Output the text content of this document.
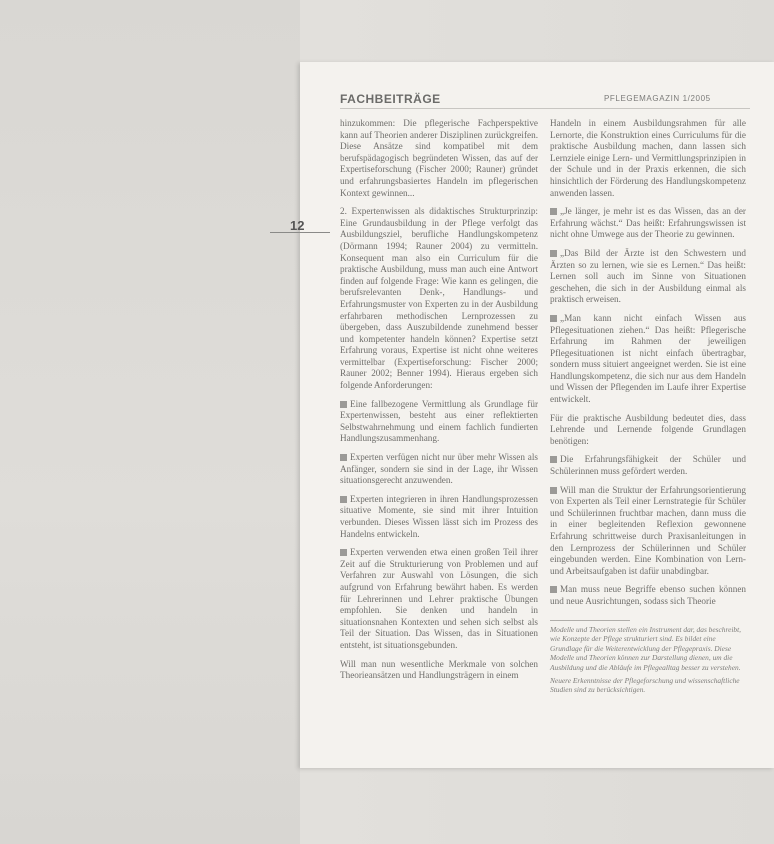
12
FACHBEITRÄGE	PFLEGEMAGAZIN 1/2005

hinzukommen: Die pflegerische Fachperspektive kann auf Theorien anderer Disziplinen zurückgreifen. Diese Ansätze sind kompatibel mit dem berufspädagogisch begründeten Wissen, das auf der Expertiseforschung (Fischer 2000; Rauner) gründet und erfahrungsbasiertes Handeln im pflegerischen Kontext gewinnen...

2. Expertenwissen als didaktisches Strukturprinzip: Eine Grundausbildung in der Pflege verfolgt das Ausbildungsziel, berufliche Handlungskompetenz (Dörmann 1994; Rauner 2004) zu vermitteln. Konsequent man also ein Curriculum für die praktische Ausbildung, muss man auch eine Antwort finden auf folgende Frage: Wie kann es gelingen, die berufsrelevanten Denk-, Handlungs- und Erfahrungsmuster von Experten zu in der Ausbildung erfahrbaren methodischen Lernprozessen zu übergeben, dass Auszubildende zunehmend besser und kompetenter handeln können? Expertise setzt Erfahrung voraus, Expertise ist nicht ohne weiteres vermittelbar (Expertiseforschung: Fischer 2000; Rauner 2002; Benner 1994). Hieraus ergeben sich folgende Anforderungen:

Eine fallbezogene Vermittlung als Grundlage für Expertenwissen, besteht aus einer reflektierten Selbstwahrnehmung und einem fachlich fundierten Handlungszusammenhang.

Experten verfügen nicht nur über mehr Wissen als Anfänger, sondern sie sind in der Lage, ihr Wissen situationsgerecht anzuwenden.

Experten integrieren in ihren Handlungsprozessen situative Momente, sie sind mit ihrer Intuition verbunden. Dieses Wissen lässt sich im Prozess des Handelns entwickeln.

Experten verwenden etwa einen großen Teil ihrer Zeit auf die Strukturierung von Problemen und auf Verfahren zur Auswahl von Lösungen, die sich aufgrund von Erfahrung bewährt haben. Es werden für Lehrerinnen und Lehrer praktische Übungen empfohlen. Sie denken und handeln in situationsnahen Kontexten und sehen sich selbst als Teil der Situation. Das Wissen, das in Situationen entsteht, ist situationsgebunden.

Will man nun wesentliche Merkmale von solchen Theorieansätzen und Handlungsträgern in einem

Handeln in einem Ausbildungsrahmen für alle Lernorte, die Konstruktion eines Curriculums für die praktische Ausbildung machen, dann lassen sich Lernziele einige Lern- und Vermittlungsprinzipien in der Schule und in der Praxis erkennen, die sich hinsichtlich der Förderung des Handlungskompetenz anwenden lassen.

„Je länger, je mehr ist es das Wissen, das an der Erfahrung wächst.“ Das heißt: Erfahrungswissen ist nicht ohne Umwege aus der Theorie zu gewinnen.

„Das Bild der Ärzte ist den Schwestern und Ärzten so zu lernen, wie sie es Lernen.“ Das heißt: Lernen soll auch im Sinne von Situationen geschehen, die sich in der Ausbildung einmal als praktisch erweisen.

„Man kann nicht einfach Wissen aus Pflegesituationen ziehen.“ Das heißt: Pflegerische Erfahrung im Rahmen der jeweiligen Pflegesituationen ist nicht einfach übertragbar, sondern muss situiert angeeignet werden. Sie ist eine Handlungskompetenz, die sich nur aus dem Handeln und Wissen der Pflegenden im Laufe ihrer Expertise entwickelt.

Für die praktische Ausbildung bedeutet dies, dass Lehrende und Lernende folgende Grundlagen benötigen:

Die Erfahrungsfähigkeit der Schüler und Schülerinnen muss gefördert werden.

Will man die Struktur der Erfahrungsorientierung von Experten als Teil einer Lernstrategie für Schüler und Schülerinnen fruchtbar machen, dann muss die in einer begleitenden Reflexion gewonnene Erfahrung schrittweise durch Praxisanleitungen in den Lernprozess der Schülerinnen und Schüler eingebunden werden. Eine Kombination von Lern- und Arbeitsaufgaben ist dafür unabdingbar.

Man muss neue Begriffe ebenso suchen können und neue Ausrichtungen, sodass sich Theorie

Modelle und Theorien stellen ein Instrument dar, das beschreibt, wie Konzepte der Pflege strukturiert sind. Es bildet eine Grundlage für die Weiterentwicklung der Pflegepraxis. Diese Modelle und Theorien können zur Darstellung dienen, um die Ausbildung und die Abläufe im Pflegealltag besser zu verstehen.

Neuere Erkenntnisse der Pflegeforschung und wissenschaftliche Studien sind zu berücksichtigen.
